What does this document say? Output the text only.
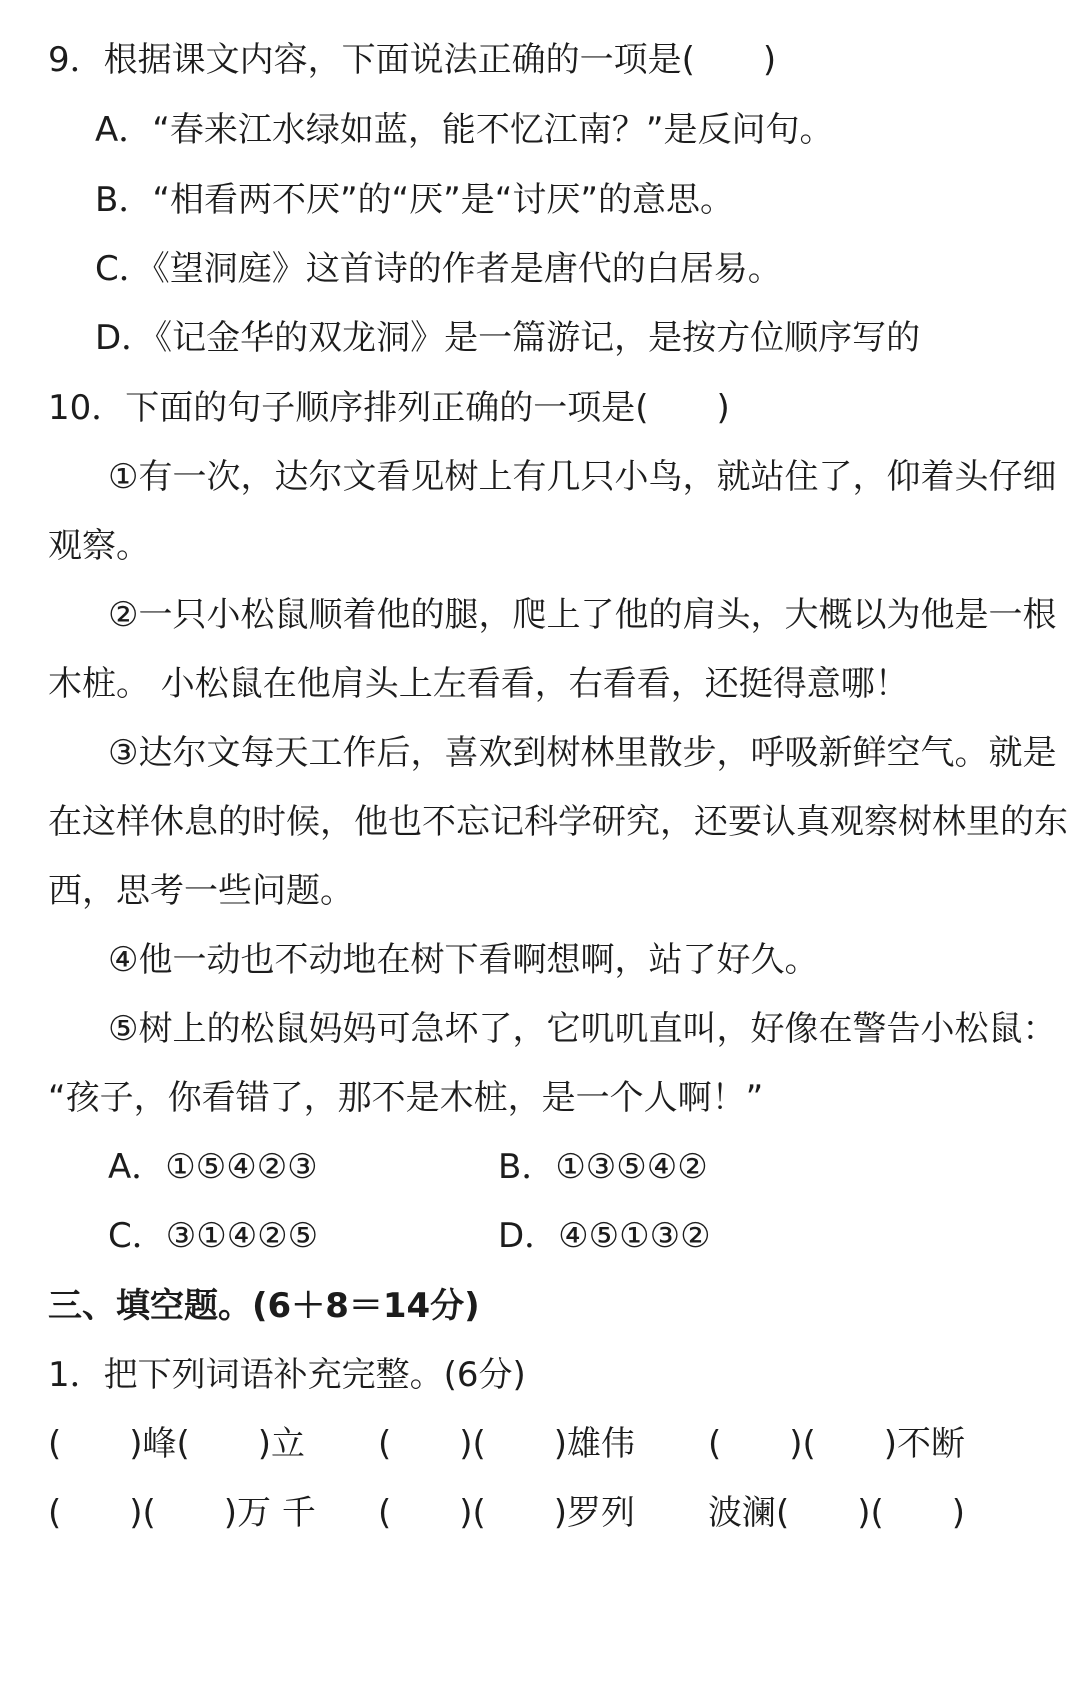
9．根据课文内容，下面说法正确的一项是(　　)
A．“春来江水绿如蓝，能不忆江南？”是反问句。
B．“相看两不厌”的“厌”是“讨厌”的意思。
C．《望洞庭》这首诗的作者是唐代的白居易。
D．《记金华的双龙洞》是一篇游记，是按方位顺序写的
10．下面的句子顺序排列正确的一项是(　　)
①有一次，达尔文看见树上有几只小鸟，就站住了，仰着头仔细
观察。
②一只小松鼠顺着他的腿，爬上了他的肩头，大概以为他是一根
木桩。 小松鼠在他肩头上左看看，右看看，还挺得意哪！
③达尔文每天工作后，喜欢到树林里散步，呼吸新鲜空气。就是
在这样休息的时候，他也不忘记科学研究，还要认真观察树林里的东
西，思考一些问题。
④他一动也不动地在树下看啊想啊，站了好久。
⑤树上的松鼠妈妈可急坏了，它叽叽直叫，好像在警告小松鼠：
“孩子，你看错了，那不是木桩，是一个人啊！”
A．①⑤④②③	B．①③⑤④②
C．③①④②⑤	D．④⑤①③②
三、填空题。(6＋8＝14分)
1．把下列词语补充完整。(6分)
(　　)峰(　　)立 (　　)(　　)雄伟 (　　)(　　)不断
(　　)(　　)万 千 (　　)(　　)罗列 波澜(　　)(　　)
